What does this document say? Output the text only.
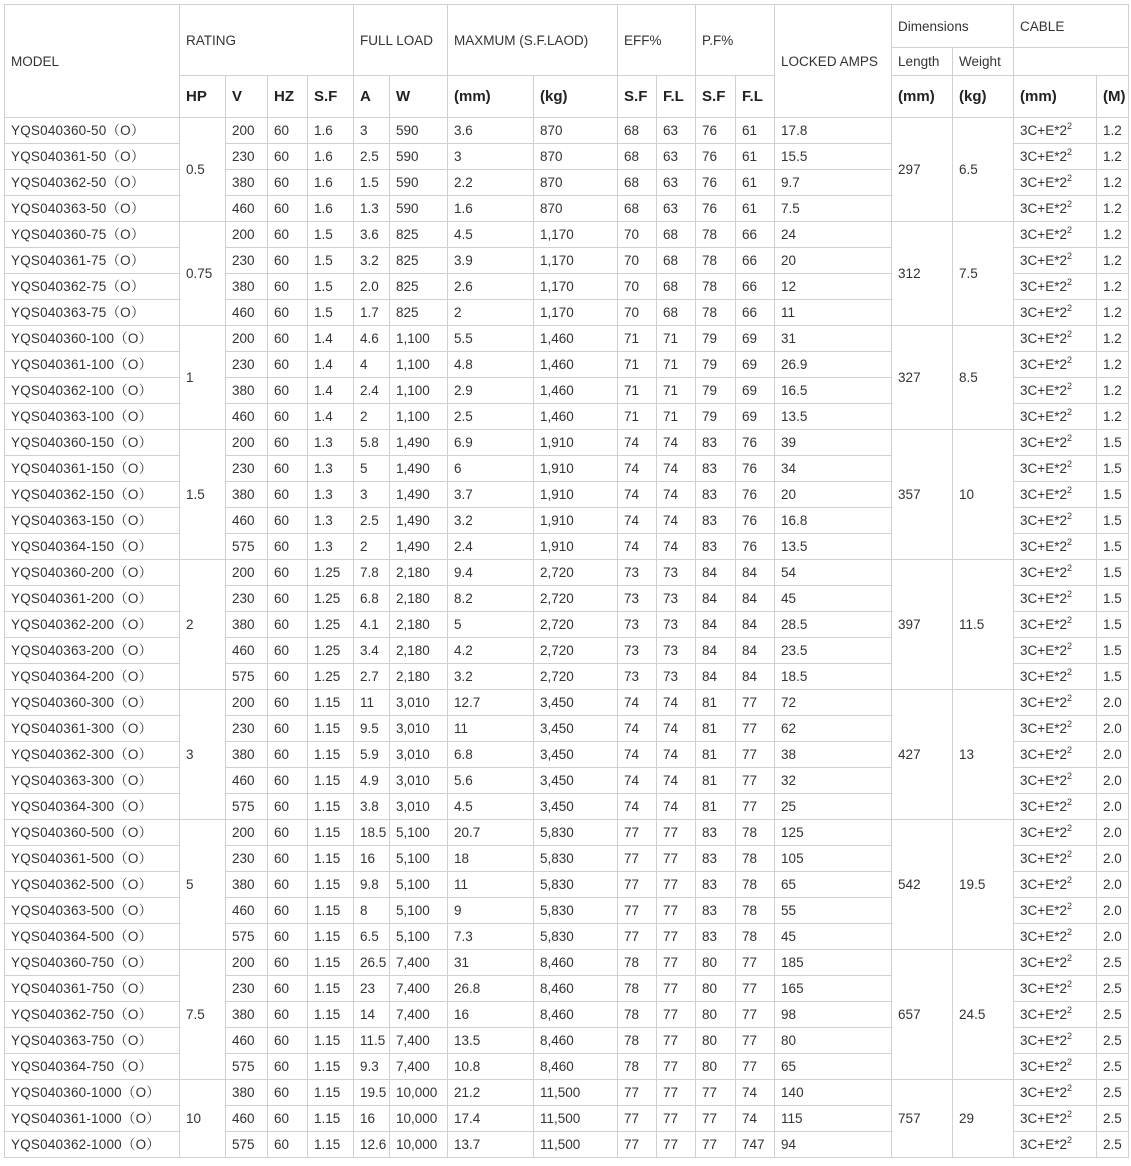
MODEL	RATING				FULL LOAD		MAXMUM (S.F.LAOD)		EFF%		P.F%		LOCKED AMPS	Dimensions		CABLE	
														Length	Weight		
	HP	V	HZ	S.F	A	W	(mm)	(kg)	S.F	F.L	S.F	F.L		(mm)	(kg)	(mm)	(M)
YQS040360-50（O）	0.5	200	60	1.6	3	590	3.6	870	68	63	76	61	17.8	297	6.5	$3C+E*2^2$	1.2
YQS040361-50（O）		230	60	1.6	2.5	590	3	870	68	63	76	61	15.5			$3C+E*2^2$	1.2
YQS040362-50（O）		380	60	1.6	1.5	590	2.2	870	68	63	76	61	9.7			$3C+E*2^2$	1.2
YQS040363-50（O）		460	60	1.6	1.3	590	1.6	870	68	63	76	61	7.5			$3C+E*2^2$	1.2
YQS040360-75（O）	0.75	200	60	1.5	3.6	825	4.5	1,170	70	68	78	66	24	312	7.5	$3C+E*2^2$	1.2
YQS040361-75（O）		230	60	1.5	3.2	825	3.9	1,170	70	68	78	66	20			$3C+E*2^2$	1.2
YQS040362-75（O）		380	60	1.5	2.0	825	2.6	1,170	70	68	78	66	12			$3C+E*2^2$	1.2
YQS040363-75（O）		460	60	1.5	1.7	825	2	1,170	70	68	78	66	11			$3C+E*2^2$	1.2
YQS040360-100（O）	1	200	60	1.4	4.6	1,100	5.5	1,460	71	71	79	69	31	327	8.5	$3C+E*2^2$	1.2
YQS040361-100（O）		230	60	1.4	4	1,100	4.8	1,460	71	71	79	69	26.9			$3C+E*2^2$	1.2
YQS040362-100（O）		380	60	1.4	2.4	1,100	2.9	1,460	71	71	79	69	16.5			$3C+E*2^2$	1.2
YQS040363-100（O）		460	60	1.4	2	1,100	2.5	1,460	71	71	79	69	13.5			$3C+E*2^2$	1.2
YQS040360-150（O）	1.5	200	60	1.3	5.8	1,490	6.9	1,910	74	74	83	76	39	357	10	$3C+E*2^2$	1.5
YQS040361-150（O）		230	60	1.3	5	1,490	6	1,910	74	74	83	76	34			$3C+E*2^2$	1.5
YQS040362-150（O）		380	60	1.3	3	1,490	3.7	1,910	74	74	83	76	20			$3C+E*2^2$	1.5
YQS040363-150（O）		460	60	1.3	2.5	1,490	3.2	1,910	74	74	83	76	16.8			$3C+E*2^2$	1.5
YQS040364-150（O）		575	60	1.3	2	1,490	2.4	1,910	74	74	83	76	13.5			$3C+E*2^2$	1.5
YQS040360-200（O）	2	200	60	1.25	7.8	2,180	9.4	2,720	73	73	84	84	54	397	11.5	$3C+E*2^2$	1.5
YQS040361-200（O）		230	60	1.25	6.8	2,180	8.2	2,720	73	73	84	84	45			$3C+E*2^2$	1.5
YQS040362-200（O）		380	60	1.25	4.1	2,180	5	2,720	73	73	84	84	28.5			$3C+E*2^2$	1.5
YQS040363-200（O）		460	60	1.25	3.4	2,180	4.2	2,720	73	73	84	84	23.5			$3C+E*2^2$	1.5
YQS040364-200（O）		575	60	1.25	2.7	2,180	3.2	2,720	73	73	84	84	18.5			$3C+E*2^2$	1.5
YQS040360-300（O）	3	200	60	1.15	11	3,010	12.7	3,450	74	74	81	77	72	427	13	$3C+E*2^2$	2.0
YQS040361-300（O）		230	60	1.15	9.5	3,010	11	3,450	74	74	81	77	62			$3C+E*2^2$	2.0
YQS040362-300（O）		380	60	1.15	5.9	3,010	6.8	3,450	74	74	81	77	38			$3C+E*2^2$	2.0
YQS040363-300（O）		460	60	1.15	4.9	3,010	5.6	3,450	74	74	81	77	32			$3C+E*2^2$	2.0
YQS040364-300（O）		575	60	1.15	3.8	3,010	4.5	3,450	74	74	81	77	25			$3C+E*2^2$	2.0
YQS040360-500（O）	5	200	60	1.15	18.5	5,100	20.7	5,830	77	77	83	78	125	542	19.5	$3C+E*2^2$	2.0
YQS040361-500（O）		230	60	1.15	16	5,100	18	5,830	77	77	83	78	105			$3C+E*2^2$	2.0
YQS040362-500（O）		380	60	1.15	9.8	5,100	11	5,830	77	77	83	78	65			$3C+E*2^2$	2.0
YQS040363-500（O）		460	60	1.15	8	5,100	9	5,830	77	77	83	78	55			$3C+E*2^2$	2.0
YQS040364-500（O）		575	60	1.15	6.5	5,100	7.3	5,830	77	77	83	78	45			$3C+E*2^2$	2.0
YQS040360-750（O）	7.5	200	60	1.15	26.5	7,400	31	8,460	78	77	80	77	185	657	24.5	$3C+E*2^2$	2.5
YQS040361-750（O）		230	60	1.15	23	7,400	26.8	8,460	78	77	80	77	165			$3C+E*2^2$	2.5
YQS040362-750（O）		380	60	1.15	14	7,400	16	8,460	78	77	80	77	98			$3C+E*2^2$	2.5
YQS040363-750（O）		460	60	1.15	11.5	7,400	13.5	8,460	78	77	80	77	80			$3C+E*2^2$	2.5
YQS040364-750（O）		575	60	1.15	9.3	7,400	10.8	8,460	78	77	80	77	65			$3C+E*2^2$	2.5
YQS040360-1000（O）	10	380	60	1.15	19.5	10,000	21.2	11,500	77	77	77	74	140	757	29	$3C+E*2^2$	2.5
YQS040361-1000（O）		460	60	1.15	16	10,000	17.4	11,500	77	77	77	74	115			$3C+E*2^2$	2.5
YQS040362-1000（O）		575	60	1.15	12.6	10,000	13.7	11,500	77	77	77	747	94			$3C+E*2^2$	2.5
